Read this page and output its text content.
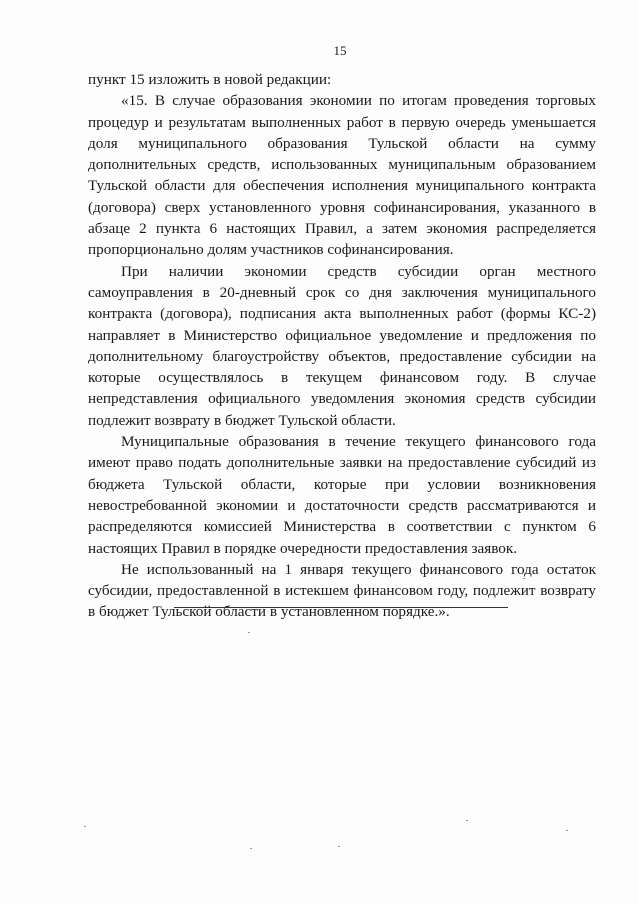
15

пункт 15 изложить в новой редакции:

«15. В случае образования экономии по итогам проведения торговых процедур и результатам выполненных работ в первую очередь уменьшается доля муниципального образования Тульской области на сумму дополнительных средств, использованных муниципальным образованием Тульской области для обеспечения исполнения муниципального контракта (договора) сверх установленного уровня софинансирования, указанного в абзаце 2 пункта 6 настоящих Правил, а затем экономия распределяется пропорционально долям участников софинансирования.

При наличии экономии средств субсидии орган местного самоуправления в 20-дневный срок со дня заключения муниципального контракта (договора), подписания акта выполненных работ (формы КС-2) направляет в Министерство официальное уведомление и предложения по дополнительному благоустройству объектов, предоставление субсидии на которые осуществлялось в текущем финансовом году. В случае непредставления официального уведомления экономия средств субсидии подлежит возврату в бюджет Тульской области.

Муниципальные образования в течение текущего финансового года имеют право подать дополнительные заявки на предоставление субсидий из бюджета Тульской области, которые при условии возникновения невостребованной экономии и достаточности средств рассматриваются и распределяются комиссией Министерства в соответствии с пунктом 6 настоящих Правил в порядке очередности предоставления заявок.

Не использованный на 1 января текущего финансового года остаток субсидии, предоставленной в истекшем финансовом году, подлежит возврату в бюджет Тульской области в установленном порядке.».
